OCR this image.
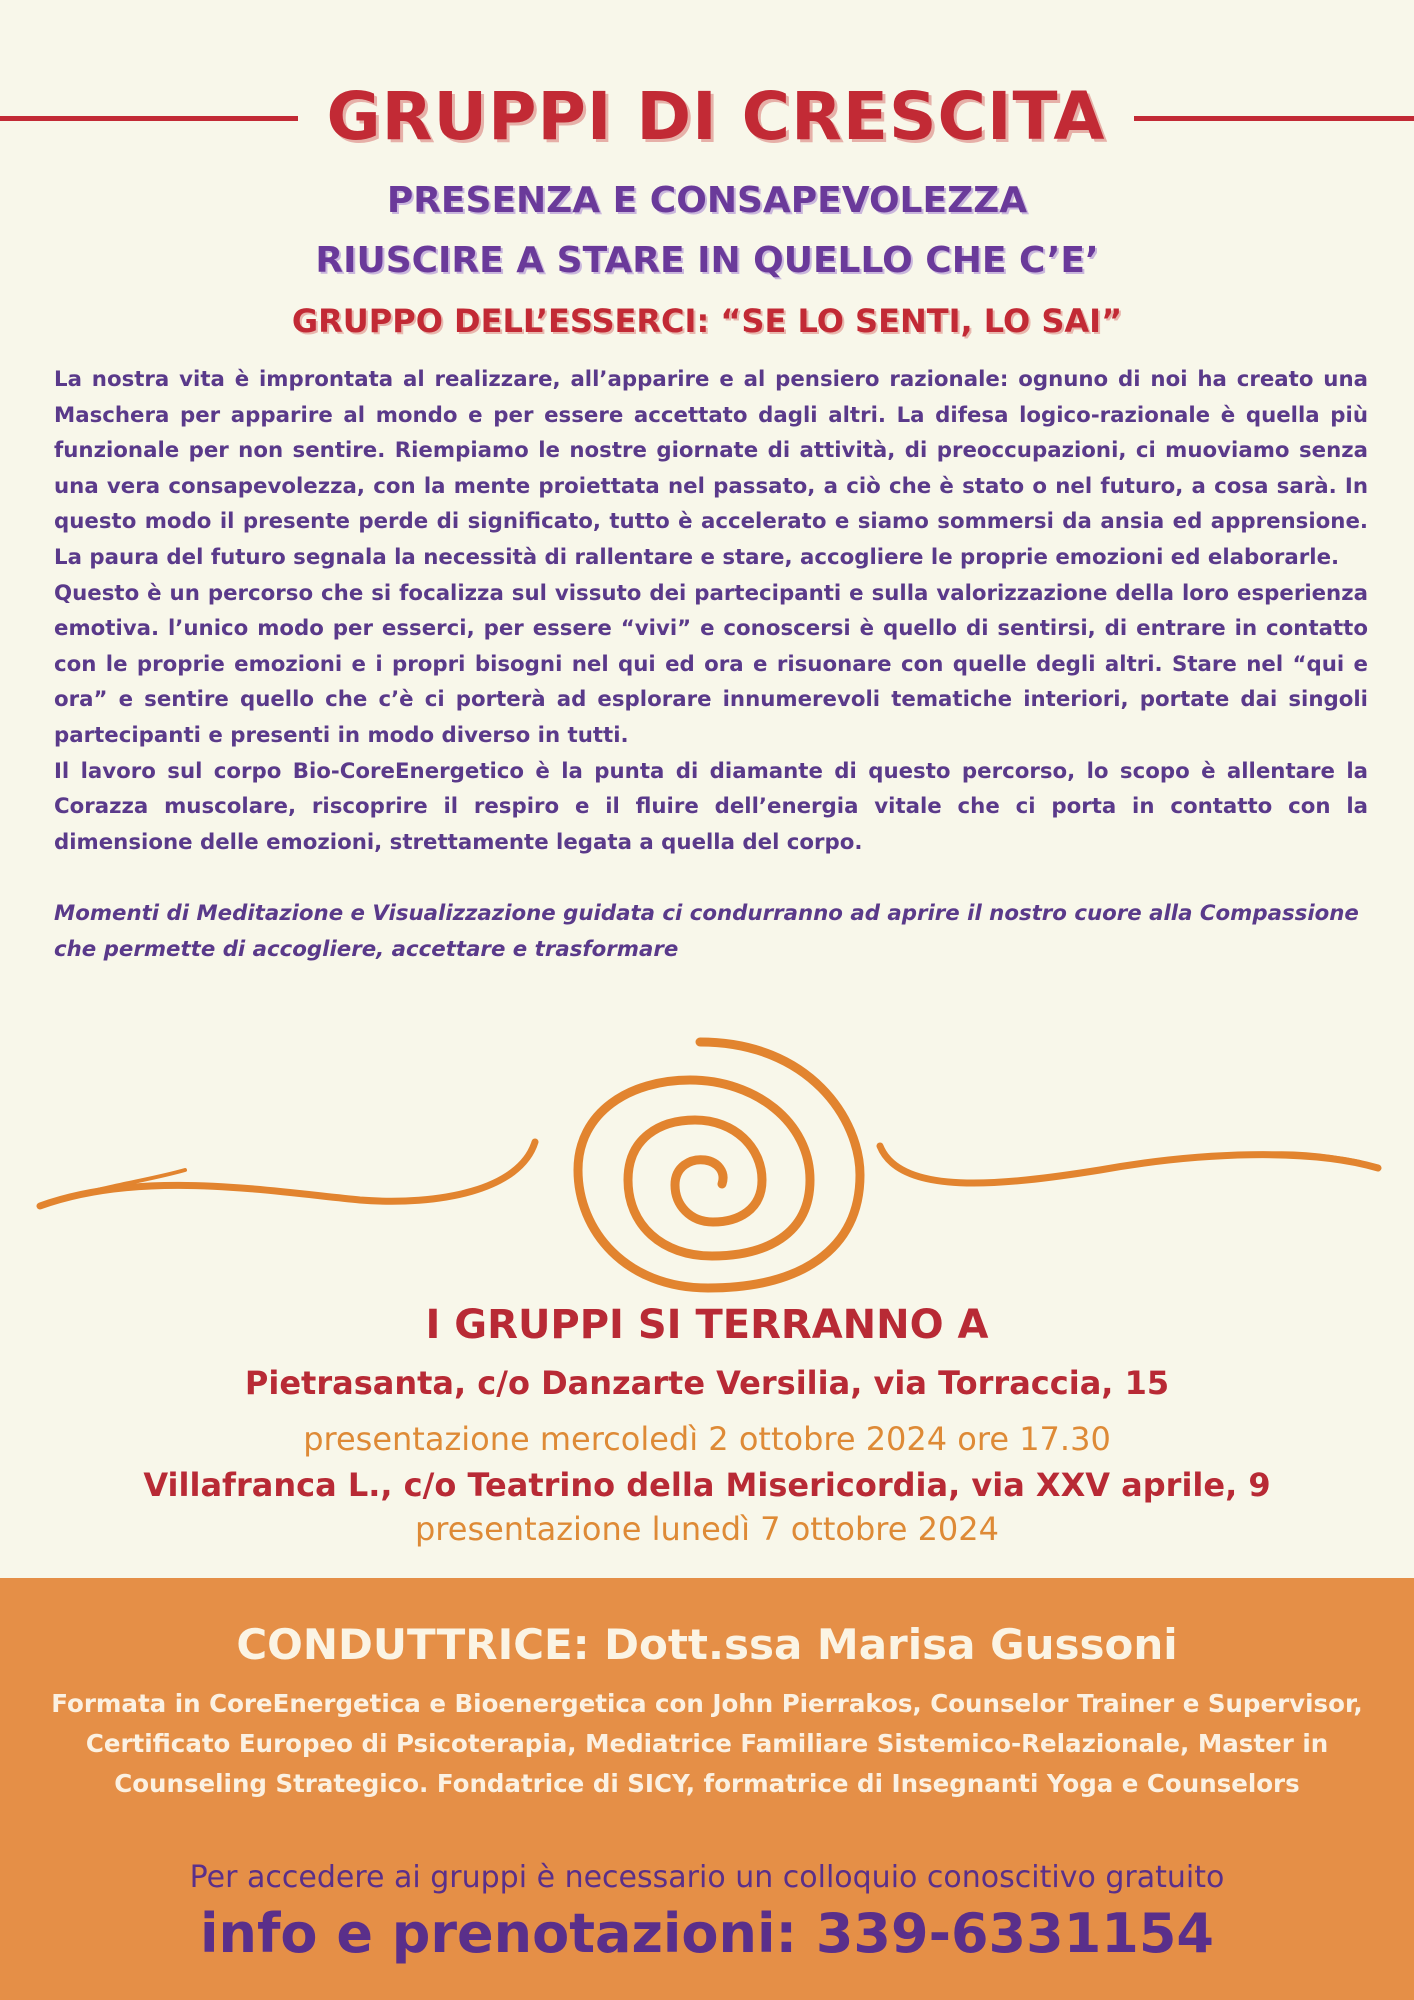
GRUPPI DI CRESCITA
PRESENZA E CONSAPEVOLEZZA
RIUSCIRE A STARE IN QUELLO CHE C’E’
GRUPPO DELL’ESSERCI: “SE LO SENTI, LO SAI”

La nostra vita è improntata al realizzare, all’apparire e al pensiero razionale: ognuno di noi ha creato una Maschera per apparire al mondo e per essere accettato dagli altri. La difesa logico-razionale è quella più funzionale per non sentire. Riempiamo le nostre giornate di attività, di preoccupazioni, ci muoviamo senza una vera consapevolezza, con la mente proiettata nel passato, a ciò che è stato o nel futuro, a cosa sarà. In questo modo il presente perde di significato, tutto è accelerato e siamo sommersi da ansia ed apprensione. La paura del futuro segnala la necessità di rallentare e stare, accogliere le proprie emozioni ed elaborarle.

Questo è un percorso che si focalizza sul vissuto dei partecipanti e sulla valorizzazione della loro esperienza emotiva. l’unico modo per esserci, per essere “vivi” e conoscersi è quello di sentirsi, di entrare in contatto con le proprie emozioni e i propri bisogni nel qui ed ora e risuonare con quelle degli altri. Stare nel “qui e ora” e sentire quello che c’è ci porterà ad esplorare innumerevoli tematiche interiori, portate dai singoli partecipanti e presenti in modo diverso in tutti.

Il lavoro sul corpo Bio-CoreEnergetico è la punta di diamante di questo percorso, lo scopo è allentare la Corazza muscolare, riscoprire il respiro e il fluire dell’energia vitale che ci porta in contatto con la dimensione delle emozioni, strettamente legata a quella del corpo.

Momenti di Meditazione e Visualizzazione guidata ci condurranno ad aprire il nostro cuore alla Compassione che permette di accogliere, accettare e trasformare

I GRUPPI SI TERRANNO A
Pietrasanta, c/o Danzarte Versilia, via Torraccia, 15
presentazione mercoledì 2 ottobre 2024 ore 17.30
Villafranca L., c/o Teatrino della Misericordia, via XXV aprile, 9
presentazione lunedì 7 ottobre 2024
CONDUTTRICE: Dott.ssa Marisa Gussoni
Formata in CoreEnergetica e Bioenergetica con John Pierrakos, Counselor Trainer e Supervisor, Certificato Europeo di Psicoterapia, Mediatrice Familiare Sistemico-Relazionale, Master in Counseling Strategico. Fondatrice di SICY, formatrice di Insegnanti Yoga e Counselors
Per accedere ai gruppi è necessario un colloquio conoscitivo gratuito
info e prenotazioni: 339-6331154
